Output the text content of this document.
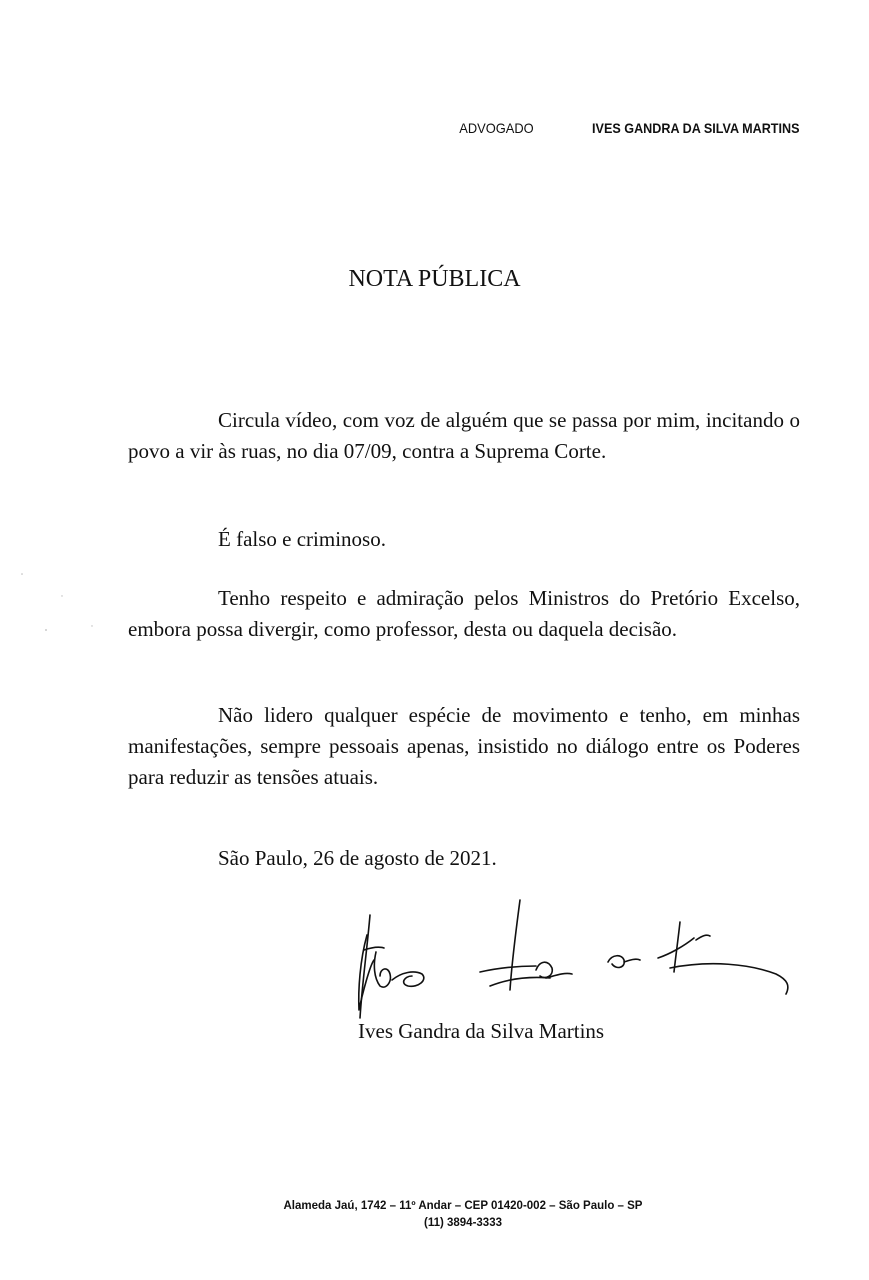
ADVOGADO	IVES GANDRA DA SILVA MARTINS
NOTA PÚBLICA

Circula vídeo, com voz de alguém que se passa por mim, incitando o povo a vir às ruas, no dia 07/09, contra a Suprema Corte.

É falso e criminoso.

Tenho respeito e admiração pelos Ministros do Pretório Excelso, embora possa divergir, como professor, desta ou daquela decisão.

Não lidero qualquer espécie de movimento e tenho, em minhas manifestações, sempre pessoais apenas, insistido no diálogo entre os Poderes para reduzir as tensões atuais.

São Paulo, 26 de agosto de 2021.
Ives Gandra da Silva Martins
Alameda Jaú, 1742 – 11º Andar – CEP 01420-002 – São Paulo – SP
(11) 3894-3333
